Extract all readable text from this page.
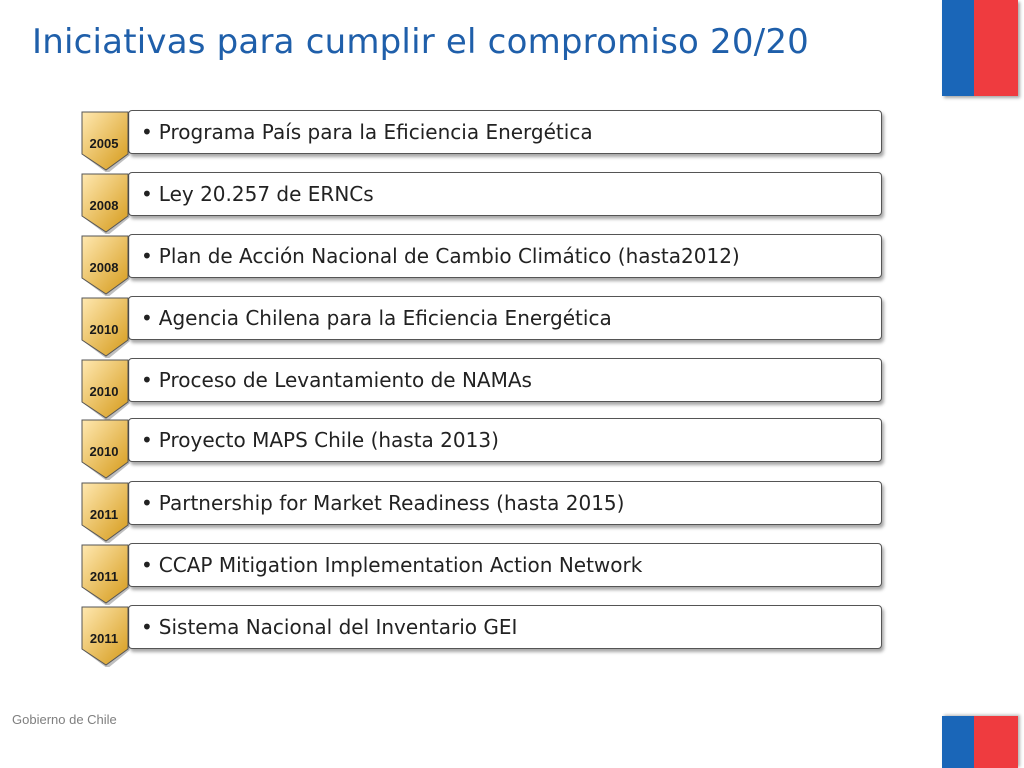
Iniciativas para cumplir el compromiso 20/20
• Programa País para la Eficiencia Energética
2005
• Ley 20.257 de ERNCs
2008
• Plan de Acción Nacional de Cambio Climático (hasta2012)
2008
• Agencia Chilena para la Eficiencia Energética
2010
• Proceso de Levantamiento de NAMAs
2010
• Proyecto MAPS Chile (hasta 2013)
2010
• Partnership for Market Readiness (hasta 2015)
2011
• CCAP Mitigation Implementation Action Network
2011
• Sistema Nacional del Inventario GEI
2011
Gobierno de Chile
